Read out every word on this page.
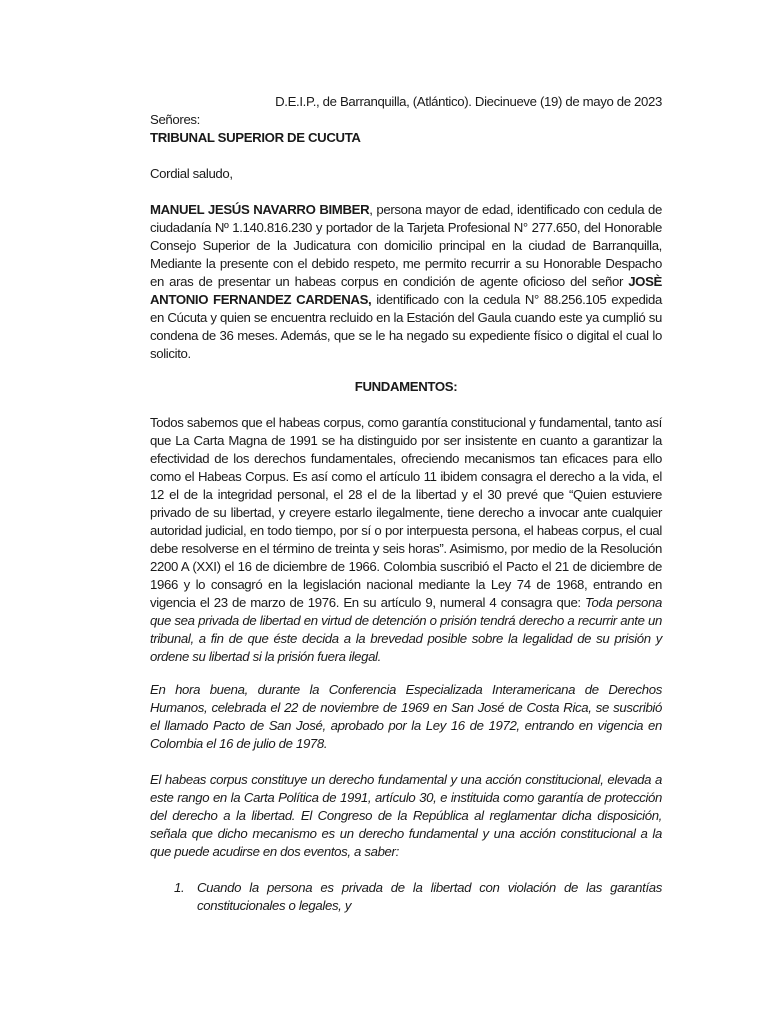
D.E.I.P., de Barranquilla, (Atlántico). Diecinueve (19) de mayo de 2023
Señores:
TRIBUNAL SUPERIOR DE CUCUTA
Cordial saludo,
MANUEL JESÚS NAVARRO BIMBER, persona mayor de edad, identificado con cedula de ciudadanía Nº 1.140.816.230 y portador de la Tarjeta Profesional N° 277.650, del Honorable Consejo Superior de la Judicatura con domicilio principal en la ciudad de Barranquilla, Mediante la presente con el debido respeto, me permito recurrir a su Honorable Despacho en aras de presentar un habeas corpus en condición de agente oficioso del señor JOSÈ ANTONIO FERNANDEZ CARDENAS, identificado con la cedula N° 88.256.105 expedida en Cúcuta y quien se encuentra recluido en la Estación del Gaula cuando este ya cumplió su condena de 36 meses. Además, que se le ha negado su expediente físico o digital el cual lo solicito.
FUNDAMENTOS:
Todos sabemos que el habeas corpus, como garantía constitucional y fundamental, tanto así que La Carta Magna de 1991 se ha distinguido por ser insistente en cuanto a garantizar la efectividad de los derechos fundamentales, ofreciendo mecanismos tan eficaces para ello como el Habeas Corpus. Es así como el artículo 11 ibidem consagra el derecho a la vida, el 12 el de la integridad personal, el 28 el de la libertad y el 30 prevé que “Quien estuviere privado de su libertad, y creyere estarlo ilegalmente, tiene derecho a invocar ante cualquier autoridad judicial, en todo tiempo, por sí o por interpuesta persona, el habeas corpus, el cual debe resolverse en el término de treinta y seis horas”. Asimismo, por medio de la Resolución 2200 A (XXI) el 16 de diciembre de 1966. Colombia suscribió el Pacto el 21 de diciembre de 1966 y lo consagró en la legislación nacional mediante la Ley 74 de 1968, entrando en vigencia el 23 de marzo de 1976. En su artículo 9, numeral 4 consagra que: Toda persona que sea privada de libertad en virtud de detención o prisión tendrá derecho a recurrir ante un tribunal, a fin de que éste decida a la brevedad posible sobre la legalidad de su prisión y ordene su libertad si la prisión fuera ilegal.
En hora buena, durante la Conferencia Especializada Interamericana de Derechos Humanos, celebrada el 22 de noviembre de 1969 en San José de Costa Rica, se suscribió el llamado Pacto de San José, aprobado por la Ley 16 de 1972, entrando en vigencia en Colombia el 16 de julio de 1978.
El habeas corpus constituye un derecho fundamental y una acción constitucional, elevada a este rango en la Carta Política de 1991, artículo 30, e instituida como garantía de protección del derecho a la libertad. El Congreso de la República al reglamentar dicha disposición, señala que dicho mecanismo es un derecho fundamental y una acción constitucional a la que puede acudirse en dos eventos, a saber:
1. Cuando la persona es privada de la libertad con violación de las garantías constitucionales o legales, y
